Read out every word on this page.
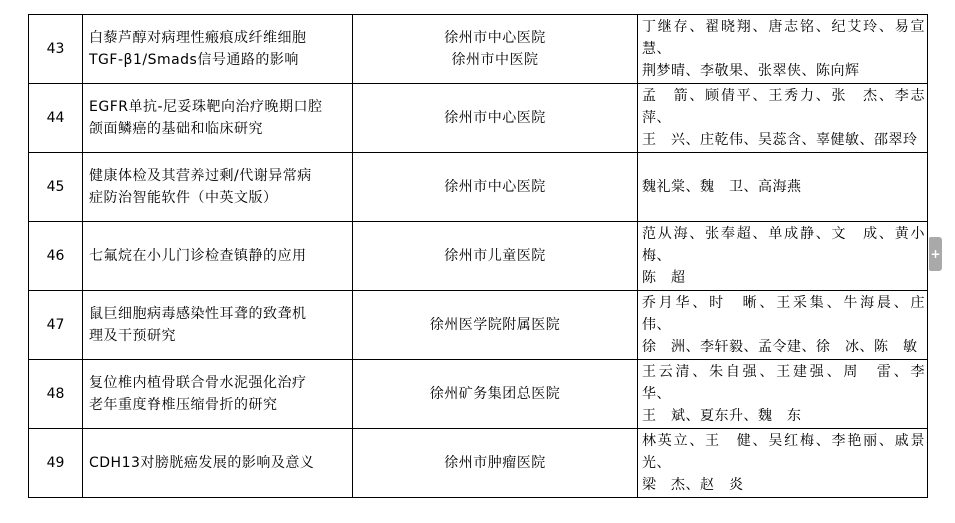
43	白藜芦醇对病理性瘢痕成纤维细胞
TGF-β1/Smads信号通路的影响	徐州市中心医院
徐州市中医院	丁继存、翟晓翔、唐志铭、纪艾玲、易宣慧、
荆梦晴、李敬果、张翠侠、陈向辉

44	EGFR单抗-尼妥珠靶向治疗晚期口腔
颌面鳞癌的基础和临床研究	徐州市中心医院	孟　箭、顾倩平、王秀力、张　杰、李志萍、
王　兴、庄乾伟、吴蕊含、辜健敏、邵翠玲

45	健康体检及其营养过剩/代谢异常病
症防治智能软件（中英文版）	徐州市中心医院	魏礼棠、魏　卫、高海燕

46	七氟烷在小儿门诊检查镇静的应用	徐州市儿童医院	范从海、张奉超、单成静、文　成、黄小梅、
陈　超

47	鼠巨细胞病毒感染性耳聋的致聋机
理及干预研究	徐州医学院附属医院	乔月华、时　晰、王采集、牛海晨、庄　伟、
徐　洲、李轩毅、孟令建、徐　冰、陈　敏

48	复位椎内植骨联合骨水泥强化治疗
老年重度脊椎压缩骨折的研究	徐州矿务集团总医院	王云清、朱自强、王建强、周　雷、李　华、
王　斌、夏东升、魏　东

49	CDH13对膀胱癌发展的影响及意义	徐州市肿瘤医院	林英立、王　健、吴红梅、李艳丽、戚景光、
梁　杰、赵　炎
+
